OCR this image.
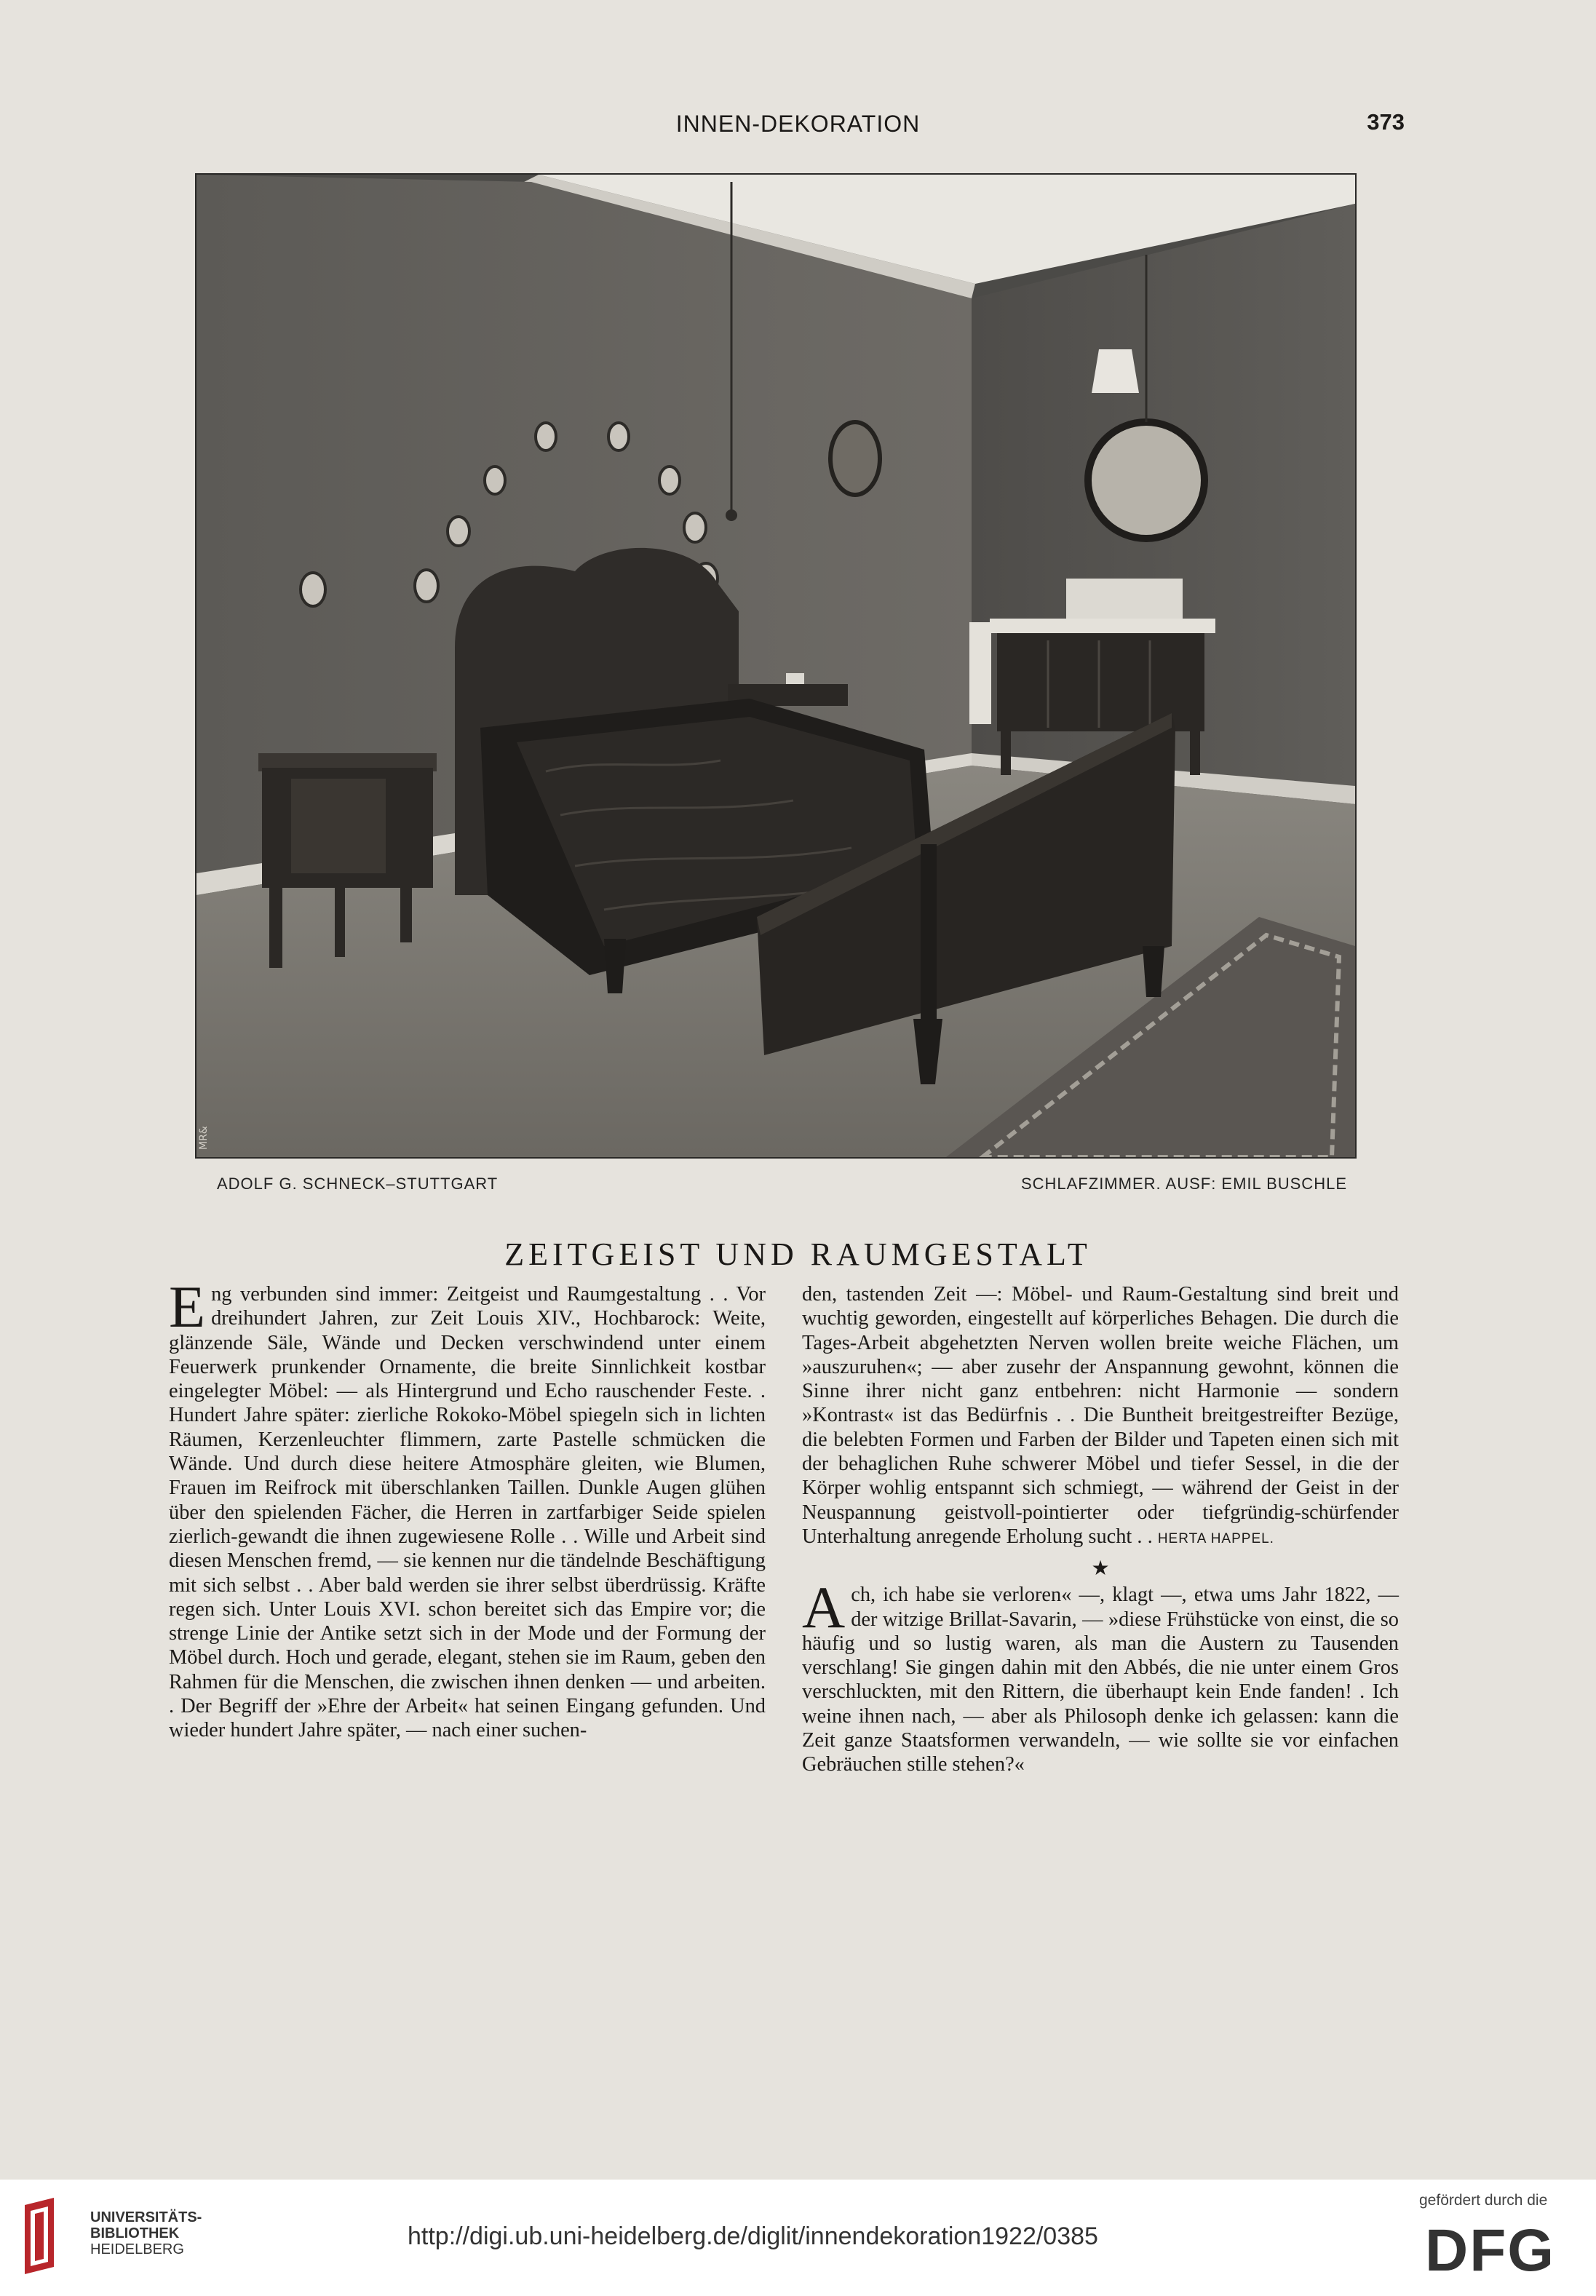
INNEN-DEKORATION	373
MR&
ADOLF G. SCHNECK–STUTTGART	SCHLAFZIMMER. AUSF: EMIL BUSCHLE
ZEITGEIST UND RAUMGESTALT

Eng verbunden sind immer: Zeitgeist und Raumgestaltung . . Vor dreihundert Jahren, zur Zeit Louis XIV., Hochbarock: Weite, glänzende Säle, Wände und Decken verschwindend unter einem Feuerwerk prunkender Ornamente, die breite Sinnlichkeit kostbar eingelegter Möbel: — als Hintergrund und Echo rauschender Feste. . Hundert Jahre später: zierliche Rokoko-Möbel spiegeln sich in lichten Räumen, Kerzenleuchter flimmern, zarte Pastelle schmücken die Wände. Und durch diese heitere Atmosphäre gleiten, wie Blumen, Frauen im Reifrock mit überschlanken Taillen. Dunkle Augen glühen über den spielenden Fächer, die Herren in zartfarbiger Seide spielen zierlich-gewandt die ihnen zugewiesene Rolle . . Wille und Arbeit sind diesen Menschen fremd, — sie kennen nur die tändelnde Beschäftigung mit sich selbst . . Aber bald werden sie ihrer selbst überdrüssig. Kräfte regen sich. Unter Louis XVI. schon bereitet sich das Empire vor; die strenge Linie der Antike setzt sich in der Mode und der Formung der Möbel durch. Hoch und gerade, elegant, stehen sie im Raum, geben den Rahmen für die Menschen, die zwischen ihnen denken — und arbeiten. . Der Begriff der »Ehre der Arbeit« hat seinen Eingang gefunden. Und wieder hundert Jahre später, — nach einer suchen-

den, tastenden Zeit —: Möbel- und Raum-Gestaltung sind breit und wuchtig geworden, eingestellt auf körperliches Behagen. Die durch die Tages-Arbeit abgehetzten Nerven wollen breite weiche Flächen, um »auszuruhen«; — aber zusehr der Anspannung gewohnt, können die Sinne ihrer nicht ganz entbehren: nicht Harmonie — sondern »Kontrast« ist das Bedürfnis . . Die Buntheit breitgestreifter Bezüge, die belebten Formen und Farben der Bilder und Tapeten einen sich mit der behaglichen Ruhe schwerer Möbel und tiefer Sessel, in die der Körper wohlig entspannt sich schmiegt, — während der Geist in der Neuspannung geistvoll-pointierter oder tiefgründig-schürfender Unterhaltung anregende Erholung sucht . . HERTA HAPPEL.

★

Ach, ich habe sie verloren« —, klagt —, etwa ums Jahr 1822, — der witzige Brillat-Savarin, — »diese Frühstücke von einst, die so häufig und so lustig waren, als man die Austern zu Tausenden verschlang! Sie gingen dahin mit den Abbés, die nie unter einem Gros verschluckten, mit den Rittern, die überhaupt kein Ende fanden! . Ich weine ihnen nach, — aber als Philosoph denke ich gelassen: kann die Zeit ganze Staatsformen verwandeln, — wie sollte sie vor einfachen Gebräuchen stille stehen?«

UNIVERSITÄTS-
BIBLIOTHEK
HEIDELBERG	http://digi.ub.uni-heidelberg.de/diglit/innendekoration1922/0385
gefördert durch die
DFG
